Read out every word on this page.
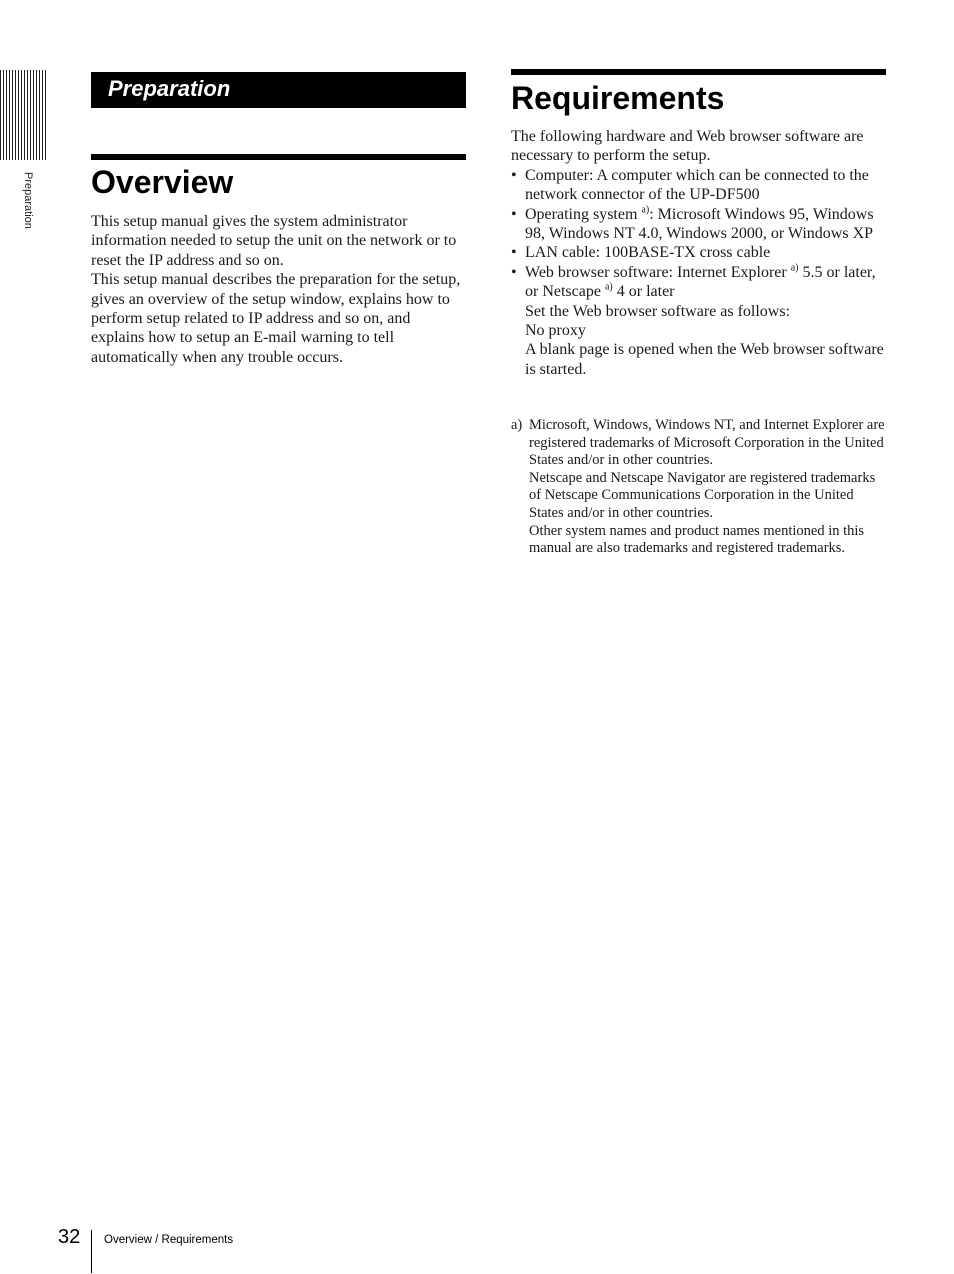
Preparation
Preparation
Overview

This setup manual gives the system administrator information needed to setup the unit on the network or to reset the IP address and so on.

This setup manual describes the preparation for the setup, gives an overview of the setup window, explains how to perform setup related to IP address and so on, and explains how to setup an E-mail warning to tell automatically when any trouble occurs.

Requirements

The following hardware and Web browser software are necessary to perform the setup.

• Computer: A computer which can be connected to the network connector of the UP-DF500
• Operating system $^{a)}$: Microsoft Windows 95, Windows 98, Windows NT 4.0, Windows 2000, or Windows XP
• LAN cable: 100BASE-TX cross cable
• Web browser software: Internet Explorer $^{a)}$ 5.5 or later, or Netscape $^{a)}$ 4 or later

Set the Web browser software as follows:

No proxy

A blank page is opened when the Web browser software is started.

a) Microsoft, Windows, Windows NT, and Internet Explorer are registered trademarks of Microsoft Corporation in the United States and/or in other countries.

Netscape and Netscape Navigator are registered trademarks of Netscape Communications Corporation in the United States and/or in other countries.

Other system names and product names mentioned in this manual are also trademarks and registered trademarks.

32 Overview / Requirements
